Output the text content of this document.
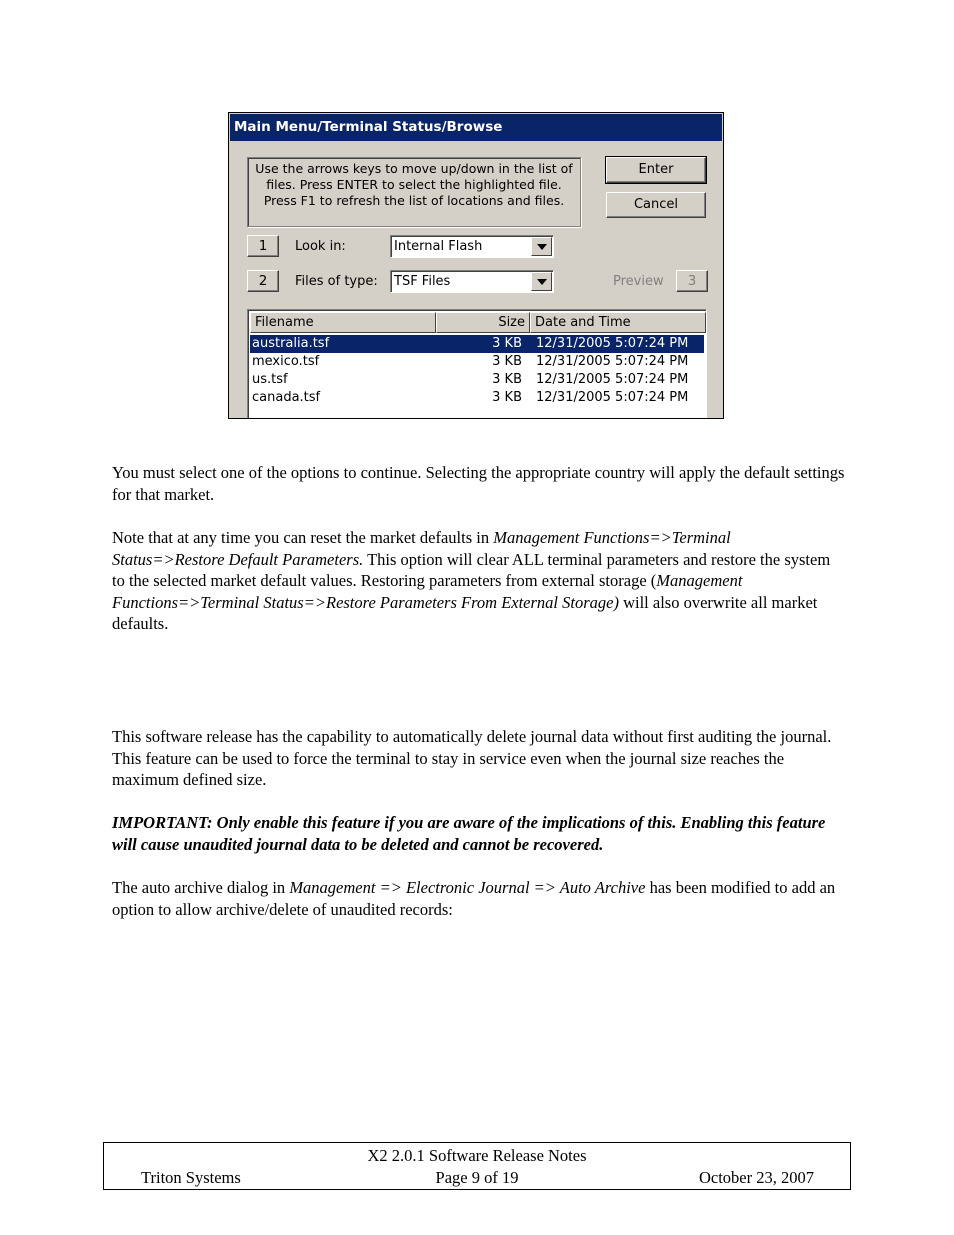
Main Menu/Terminal Status/Browse
Use the arrows keys to move up/down in the list of files. Press ENTER to select the highlighted file. Press F1 to refresh the list of locations and files.
Enter
Cancel
1	Look in:	Internal Flash
2	Files of type: TSF Files	Preview	3
Filename	Size Date and Time
australia.tsf	3 KB 12/31/2005 5:07:24 PM
mexico.tsf	3 KB 12/31/2005 5:07:24 PM
us.tsf	3 KB 12/31/2005 5:07:24 PM
canada.tsf	3 KB 12/31/2005 5:07:24 PM

You must select one of the options to continue. Selecting the appropriate country will apply the default settings for that market.

Note that at any time you can reset the market defaults in Management Functions=>Terminal Status=>Restore Default Parameters. This option will clear ALL terminal parameters and restore the system to the selected market default values. Restoring parameters from external storage (Management Functions=>Terminal Status=>Restore Parameters From External Storage) will also overwrite all market defaults.

This software release has the capability to automatically delete journal data without first auditing the journal. This feature can be used to force the terminal to stay in service even when the journal size reaches the maximum defined size.

IMPORTANT: Only enable this feature if you are aware of the implications of this. Enabling this feature will cause unaudited journal data to be deleted and cannot be recovered.

The auto archive dialog in Management => Electronic Journal => Auto Archive has been modified to add an option to allow archive/delete of unaudited records:

X2 2.0.1 Software Release Notes
Triton Systems	Page 9 of 19	October 23, 2007
